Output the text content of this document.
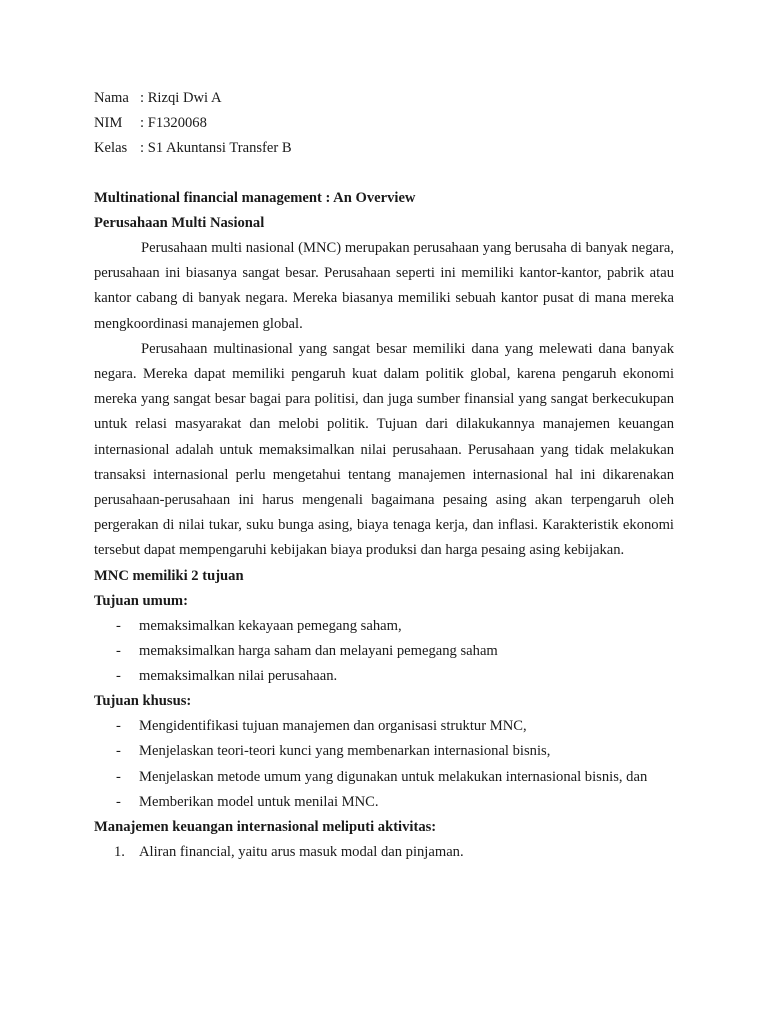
Nama : Rizqi Dwi A
NIM : F1320068
Kelas : S1 Akuntansi Transfer B
Multinational financial management : An Overview
Perusahaan Multi Nasional

Perusahaan multi nasional (MNC) merupakan perusahaan yang berusaha di banyak negara, perusahaan ini biasanya sangat besar. Perusahaan seperti ini memiliki kantor-kantor, pabrik atau kantor cabang di banyak negara. Mereka biasanya memiliki sebuah kantor pusat di mana mereka mengkoordinasi manajemen global.

Perusahaan multinasional yang sangat besar memiliki dana yang melewati dana banyak negara. Mereka dapat memiliki pengaruh kuat dalam politik global, karena pengaruh ekonomi mereka yang sangat besar bagai para politisi, dan juga sumber finansial yang sangat berkecukupan untuk relasi masyarakat dan melobi politik. Tujuan dari dilakukannya manajemen keuangan internasional adalah untuk memaksimalkan nilai perusahaan. Perusahaan yang tidak melakukan transaksi internasional perlu mengetahui tentang manajemen internasional hal ini dikarenakan perusahaan-perusahaan ini harus mengenali bagaimana pesaing asing akan terpengaruh oleh pergerakan di nilai tukar, suku bunga asing, biaya tenaga kerja, dan inflasi. Karakteristik ekonomi tersebut dapat mempengaruhi kebijakan biaya produksi dan harga pesaing asing kebijakan.

MNC memiliki 2 tujuan
Tujuan umum:
- memaksimalkan kekayaan pemegang saham,
- memaksimalkan harga saham dan melayani pemegang saham
- memaksimalkan nilai perusahaan.
Tujuan khusus:
- Mengidentifikasi tujuan manajemen dan organisasi struktur MNC,
- Menjelaskan teori-teori kunci yang membenarkan internasional bisnis,
- Menjelaskan metode umum yang digunakan untuk melakukan internasional bisnis, dan
- Memberikan model untuk menilai MNC.
Manajemen keuangan internasional meliputi aktivitas:
1. Aliran financial, yaitu arus masuk modal dan pinjaman.
